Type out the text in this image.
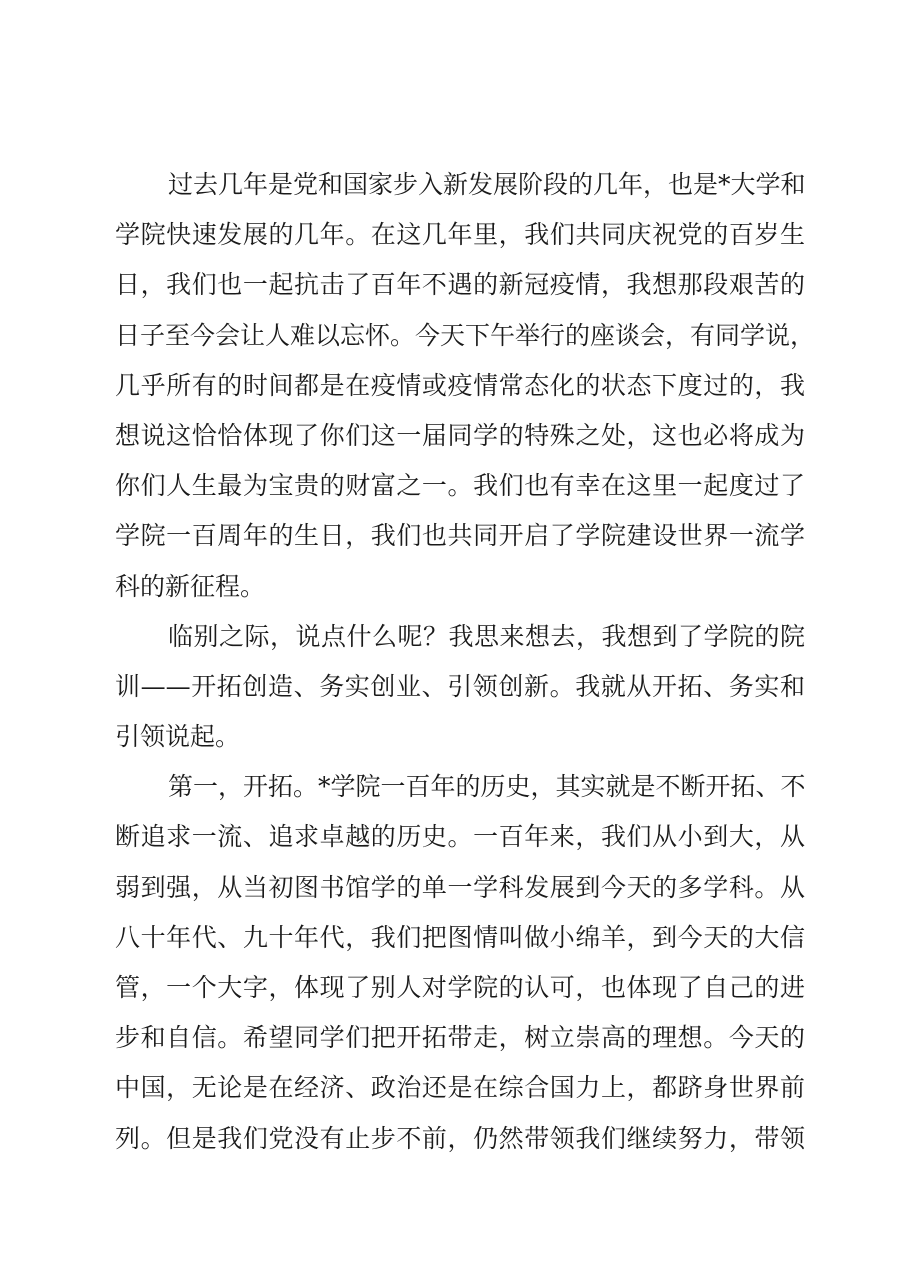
过去几年是党和国家步入新发展阶段的几年，也是*大学和
学院快速发展的几年。在这几年里，我们共同庆祝党的百岁生
日，我们也一起抗击了百年不遇的新冠疫情，我想那段艰苦的
日子至今会让人难以忘怀。今天下午举行的座谈会，有同学说，
几乎所有的时间都是在疫情或疫情常态化的状态下度过的，我
想说这恰恰体现了你们这一届同学的特殊之处，这也必将成为
你们人生最为宝贵的财富之一。我们也有幸在这里一起度过了
学院一百周年的生日，我们也共同开启了学院建设世界一流学
科的新征程。
临别之际，说点什么呢？我思来想去，我想到了学院的院
训——开拓创造、务实创业、引领创新。我就从开拓、务实和
引领说起。
第一，开拓。*学院一百年的历史，其实就是不断开拓、不
断追求一流、追求卓越的历史。一百年来，我们从小到大，从
弱到强，从当初图书馆学的单一学科发展到今天的多学科。从
八十年代、九十年代，我们把图情叫做小绵羊，到今天的大信
管，一个大字，体现了别人对学院的认可，也体现了自己的进
步和自信。希望同学们把开拓带走，树立崇高的理想。今天的
中国，无论是在经济、政治还是在综合国力上，都跻身世界前
列。但是我们党没有止步不前，仍然带领我们继续努力，带领
